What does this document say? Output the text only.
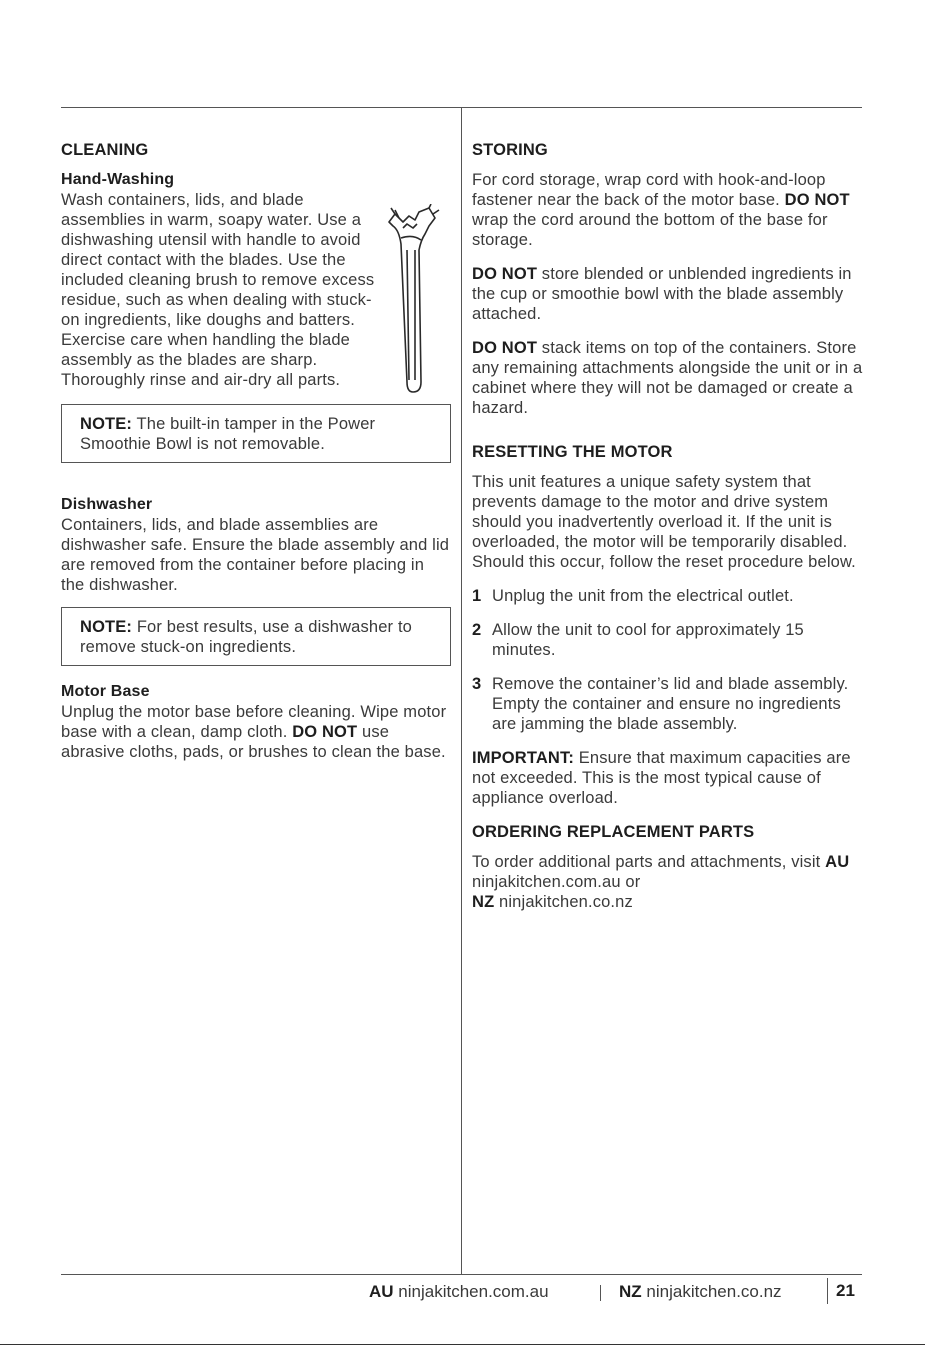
CLEANING
Hand-Washing

Wash containers, lids, and blade assemblies in warm, soapy water. Use a dishwashing utensil with handle to avoid direct contact with the blades. Use the included cleaning brush to remove excess residue, such as when dealing with stuck-on ingredients, like doughs and batters. Exercise care when handling the blade assembly as the blades are sharp. Thoroughly rinse and air-dry all parts.

NOTE: The built-in tamper in the Power Smoothie Bowl is not removable.
Dishwasher

Containers, lids, and blade assemblies are dishwasher safe. Ensure the blade assembly and lid are removed from the container before placing in the dishwasher.

NOTE: For best results, use a dishwasher to remove stuck-on ingredients.
Motor Base

Unplug the motor base before cleaning. Wipe motor base with a clean, damp cloth. DO NOT use abrasive cloths, pads, or brushes to clean the base.

STORING

For cord storage, wrap cord with hook-and-loop fastener near the back of the motor base. DO NOT wrap the cord around the bottom of the base for storage.

DO NOT store blended or unblended ingredients in the cup or smoothie bowl with the blade assembly attached.

DO NOT stack items on top of the containers. Store any remaining attachments alongside the unit or in a cabinet where they will not be damaged or create a hazard.

RESETTING THE MOTOR

This unit features a unique safety system that prevents damage to the motor and drive system should you inadvertently overload it. If the unit is overloaded, the motor will be temporarily disabled. Should this occur, follow the reset procedure below.

1 Unplug the unit from the electrical outlet.
2 Allow the unit to cool for approximately 15 minutes.
3 Remove the container’s lid and blade assembly. Empty the container and ensure no ingredients are jamming the blade assembly.

IMPORTANT: Ensure that maximum capacities are not exceeded. This is the most typical cause of appliance overload.

ORDERING REPLACEMENT PARTS

To order additional parts and attachments, visit AU ninjakitchen.com.au or
NZ ninjakitchen.co.nz

AU ninjakitchen.com.au	NZ ninjakitchen.co.nz	21
